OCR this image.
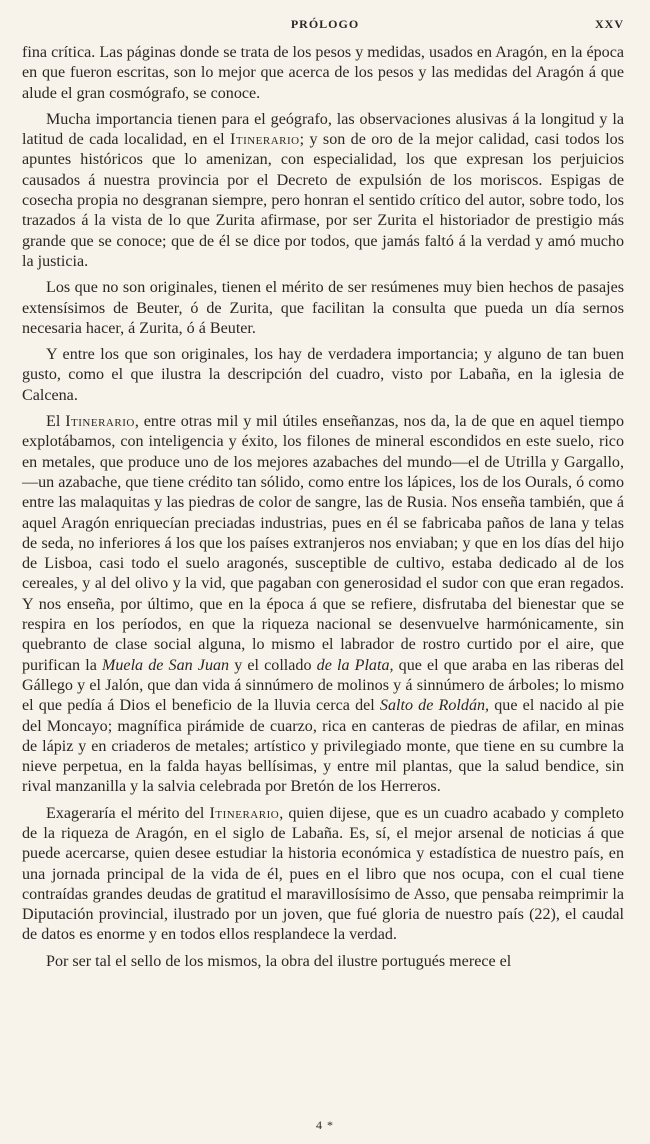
PRÓLOGO	XXV

fina crítica. Las páginas donde se trata de los pesos y medidas, usados en Aragón, en la época en que fueron escritas, son lo mejor que acerca de los pesos y las medidas del Aragón á que alude el gran cosmógrafo, se conoce.

Mucha importancia tienen para el geógrafo, las observaciones alusivas á la longitud y la latitud de cada localidad, en el Itinerario; y son de oro de la mejor calidad, casi todos los apuntes históricos que lo amenizan, con especialidad, los que expresan los perjuicios causados á nuestra provincia por el Decreto de expulsión de los moriscos. Espigas de cosecha propia no desgranan siempre, pero honran el sentido crítico del autor, sobre todo, los trazados á la vista de lo que Zurita afirmase, por ser Zurita el historiador de prestigio más grande que se conoce; que de él se dice por todos, que jamás faltó á la verdad y amó mucho la justicia.

Los que no son originales, tienen el mérito de ser resúmenes muy bien hechos de pasajes extensísimos de Beuter, ó de Zurita, que facilitan la consulta que pueda un día sernos necesaria hacer, á Zurita, ó á Beuter.

Y entre los que son originales, los hay de verdadera importancia; y alguno de tan buen gusto, como el que ilustra la descripción del cuadro, visto por Labaña, en la iglesia de Calcena.

El Itinerario, entre otras mil y mil útiles enseñanzas, nos da, la de que en aquel tiempo explotábamos, con inteligencia y éxito, los filones de mineral escondidos en este suelo, rico en metales, que produce uno de los mejores azabaches del mundo—el de Utrilla y Gargallo,—un azabache, que tiene crédito tan sólido, como entre los lápices, los de los Ourals, ó como entre las malaquitas y las piedras de color de sangre, las de Rusia. Nos enseña también, que á aquel Aragón enriquecían preciadas industrias, pues en él se fabricaba paños de lana y telas de seda, no inferiores á los que los países extranjeros nos enviaban; y que en los días del hijo de Lisboa, casi todo el suelo aragonés, susceptible de cultivo, estaba dedicado al de los cereales, y al del olivo y la vid, que pagaban con generosidad el sudor con que eran regados. Y nos enseña, por último, que en la época á que se refiere, disfrutaba del bienestar que se respira en los períodos, en que la riqueza nacional se desenvuelve harmónicamente, sin quebranto de clase social alguna, lo mismo el labrador de rostro curtido por el aire, que purifican la Muela de San Juan y el collado de la Plata, que el que araba en las riberas del Gállego y el Jalón, que dan vida á sinnúmero de molinos y á sinnúmero de árboles; lo mismo el que pedía á Dios el beneficio de la lluvia cerca del Salto de Roldán, que el nacido al pie del Moncayo; magnífica pirámide de cuarzo, rica en canteras de piedras de afilar, en minas de lápiz y en criaderos de metales; artístico y privilegiado monte, que tiene en su cumbre la nieve perpetua, en la falda hayas bellísimas, y entre mil plantas, que la salud bendice, sin rival manzanilla y la salvia celebrada por Bretón de los Herreros.

Exageraría el mérito del Itinerario, quien dijese, que es un cuadro acabado y completo de la riqueza de Aragón, en el siglo de Labaña. Es, sí, el mejor arsenal de noticias á que puede acercarse, quien desee estudiar la historia económica y estadística de nuestro país, en una jornada principal de la vida de él, pues en el libro que nos ocupa, con el cual tiene contraídas grandes deudas de gratitud el maravillosísimo de Asso, que pensaba reimprimir la Diputación provincial, ilustrado por un joven, que fué gloria de nuestro país (22), el caudal de datos es enorme y en todos ellos resplandece la verdad.

Por ser tal el sello de los mismos, la obra del ilustre portugués merece el

4 *
